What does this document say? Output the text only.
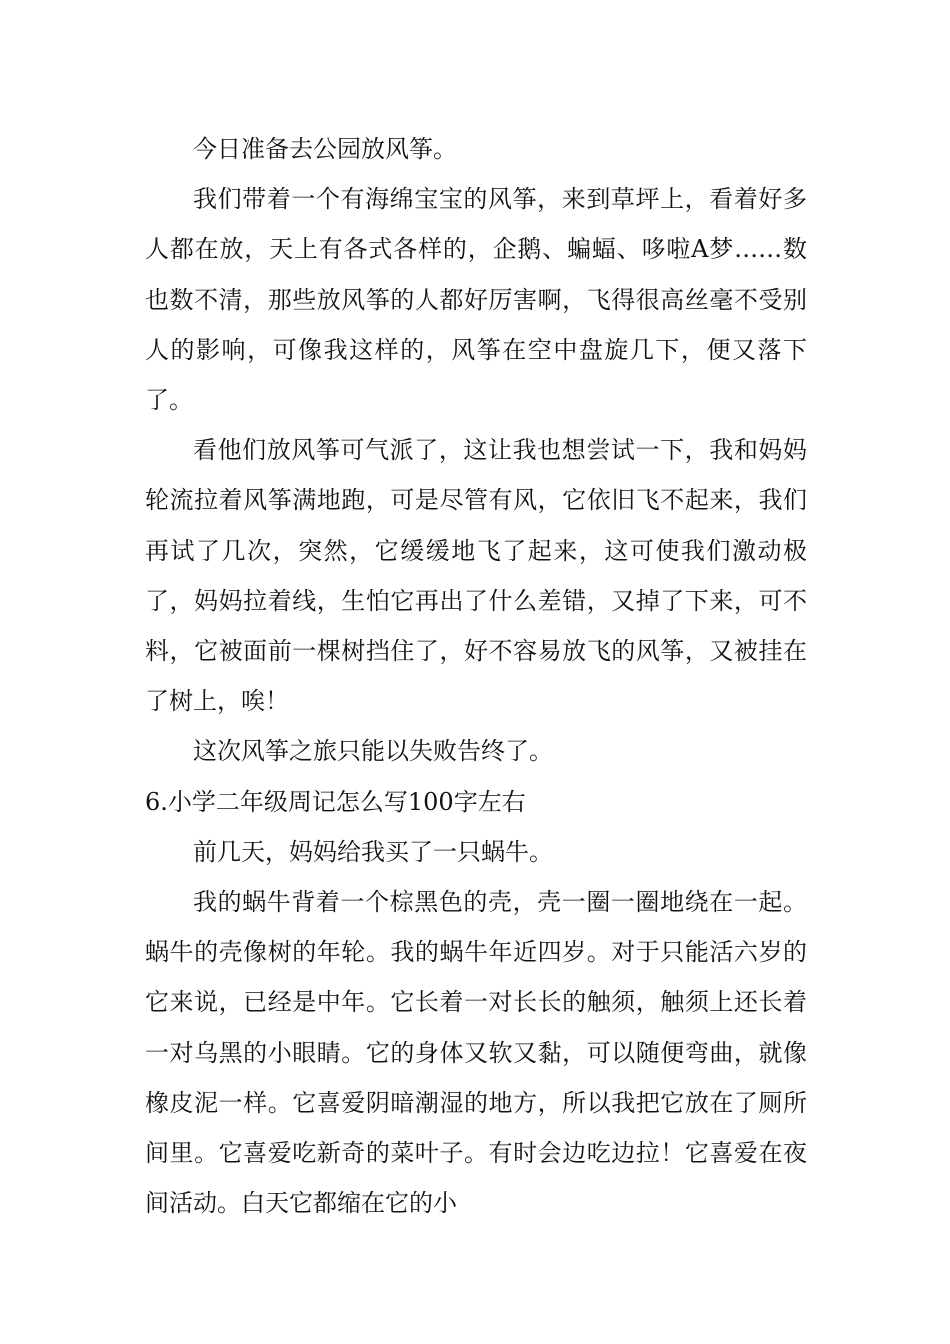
今日准备去公园放风筝。

我们带着一个有海绵宝宝的风筝，来到草坪上，看着好多人都在放，天上有各式各样的，企鹅、蝙蝠、哆啦A梦……数也数不清，那些放风筝的人都好厉害啊，飞得很高丝毫不受别人的影响，可像我这样的，风筝在空中盘旋几下，便又落下了。

看他们放风筝可气派了，这让我也想尝试一下，我和妈妈轮流拉着风筝满地跑，可是尽管有风，它依旧飞不起来，我们再试了几次，突然，它缓缓地飞了起来，这可使我们激动极了，妈妈拉着线，生怕它再出了什么差错，又掉了下来，可不料，它被面前一棵树挡住了，好不容易放飞的风筝，又被挂在了树上，唉！

这次风筝之旅只能以失败告终了。

6.小学二年级周记怎么写100字左右

前几天，妈妈给我买了一只蜗牛。

我的蜗牛背着一个棕黑色的壳，壳一圈一圈地绕在一起。蜗牛的壳像树的年轮。我的蜗牛年近四岁。对于只能活六岁的它来说，已经是中年。它长着一对长长的触须，触须上还长着一对乌黑的小眼睛。它的身体又软又黏，可以随便弯曲，就像橡皮泥一样。它喜爱阴暗潮湿的地方，所以我把它放在了厕所间里。它喜爱吃新奇的菜叶子。有时会边吃边拉！它喜爱在夜间活动。白天它都缩在它的小
